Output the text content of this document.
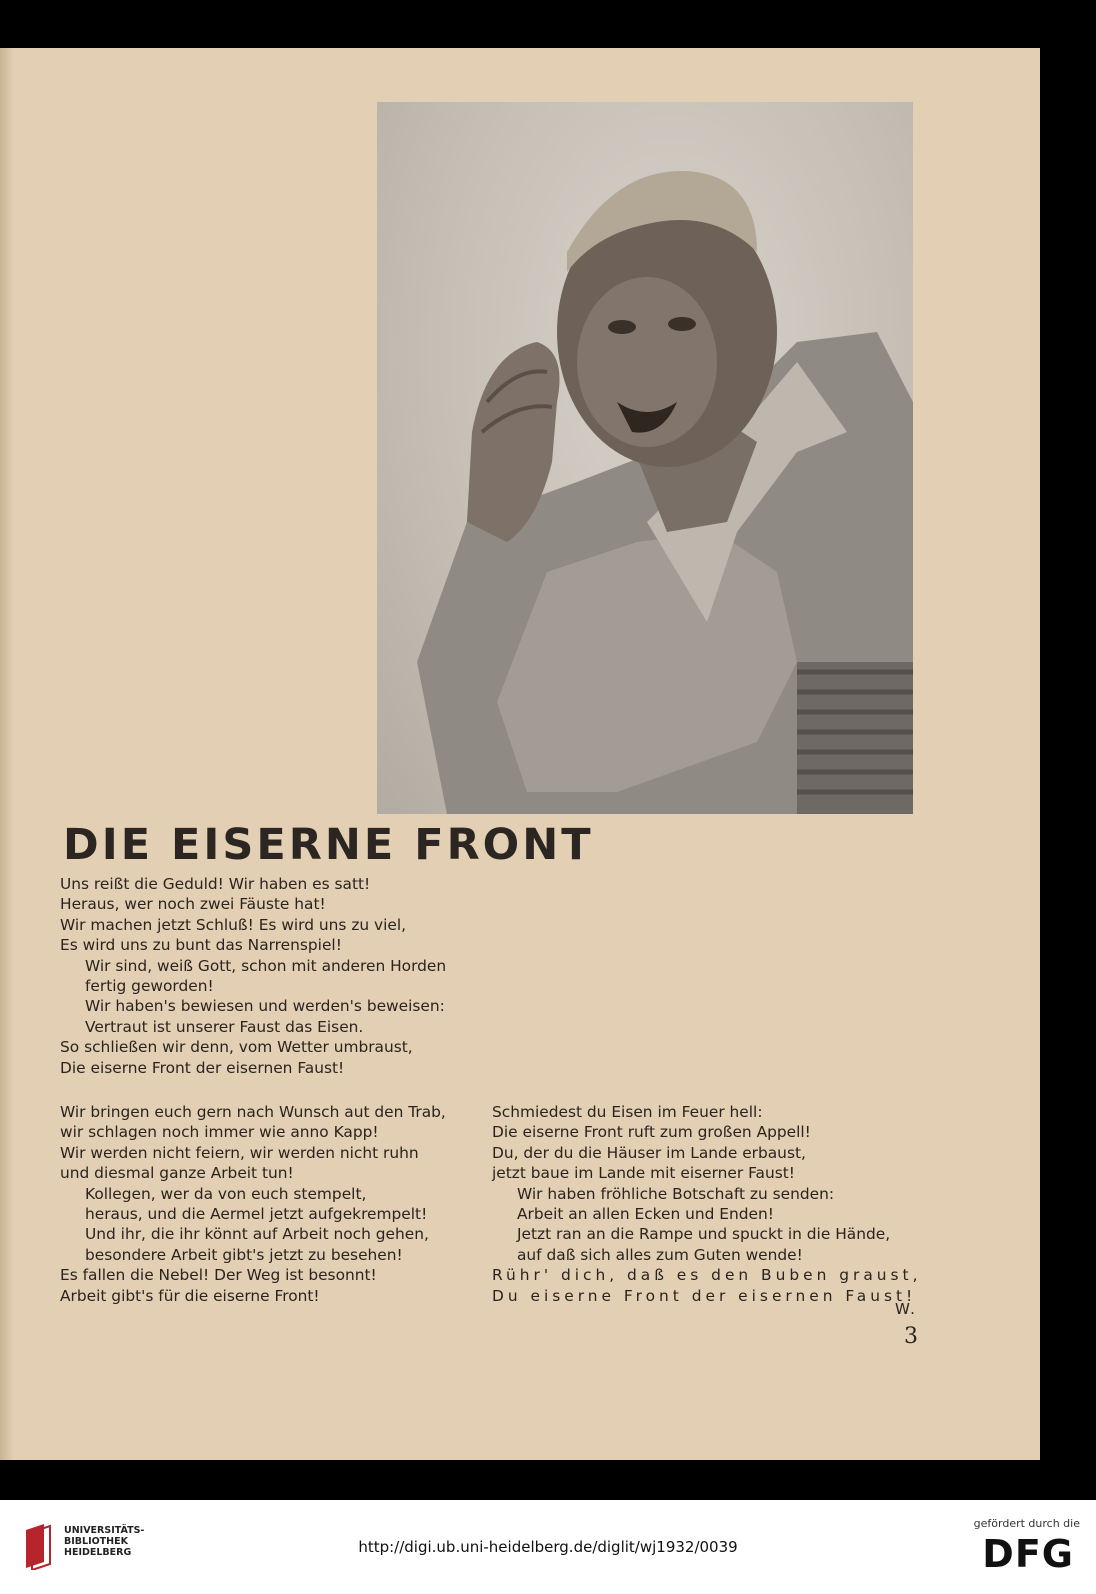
DIE EISERNE FRONT
Uns reißt die Geduld! Wir haben es satt!
Heraus, wer noch zwei Fäuste hat!
Wir machen jetzt Schluß! Es wird uns zu viel,
Es wird uns zu bunt das Narrenspiel!
Wir sind, weiß Gott, schon mit anderen Horden
fertig geworden!
Wir haben's bewiesen und werden's beweisen:
Vertraut ist unserer Faust das Eisen.
So schließen wir denn, vom Wetter umbraust,
Die eiserne Front der eisernen Faust!
Wir bringen euch gern nach Wunsch aut den Trab,
wir schlagen noch immer wie anno Kapp!
Wir werden nicht feiern, wir werden nicht ruhn
und diesmal ganze Arbeit tun!
Kollegen, wer da von euch stempelt,
heraus, und die Aermel jetzt aufgekrempelt!
Und ihr, die ihr könnt auf Arbeit noch gehen,
besondere Arbeit gibt's jetzt zu besehen!
Es fallen die Nebel! Der Weg ist besonnt!
Arbeit gibt's für die eiserne Front!
Schmiedest du Eisen im Feuer hell:
Die eiserne Front ruft zum großen Appell!
Du, der du die Häuser im Lande erbaust,
jetzt baue im Lande mit eiserner Faust!
Wir haben fröhliche Botschaft zu senden:
Arbeit an allen Ecken und Enden!
Jetzt ran an die Rampe und spuckt in die Hände,
auf daß sich alles zum Guten wende!
Rühr' dich, daß es den Buben graust,
Du eiserne Front der eisernen Faust!
W.
3
UNIVERSITÄTS-
BIBLIOTHEK
HEIDELBERG	http://digi.ub.uni-heidelberg.de/diglit/wj1932/0039
gefördert durch die
DFG
